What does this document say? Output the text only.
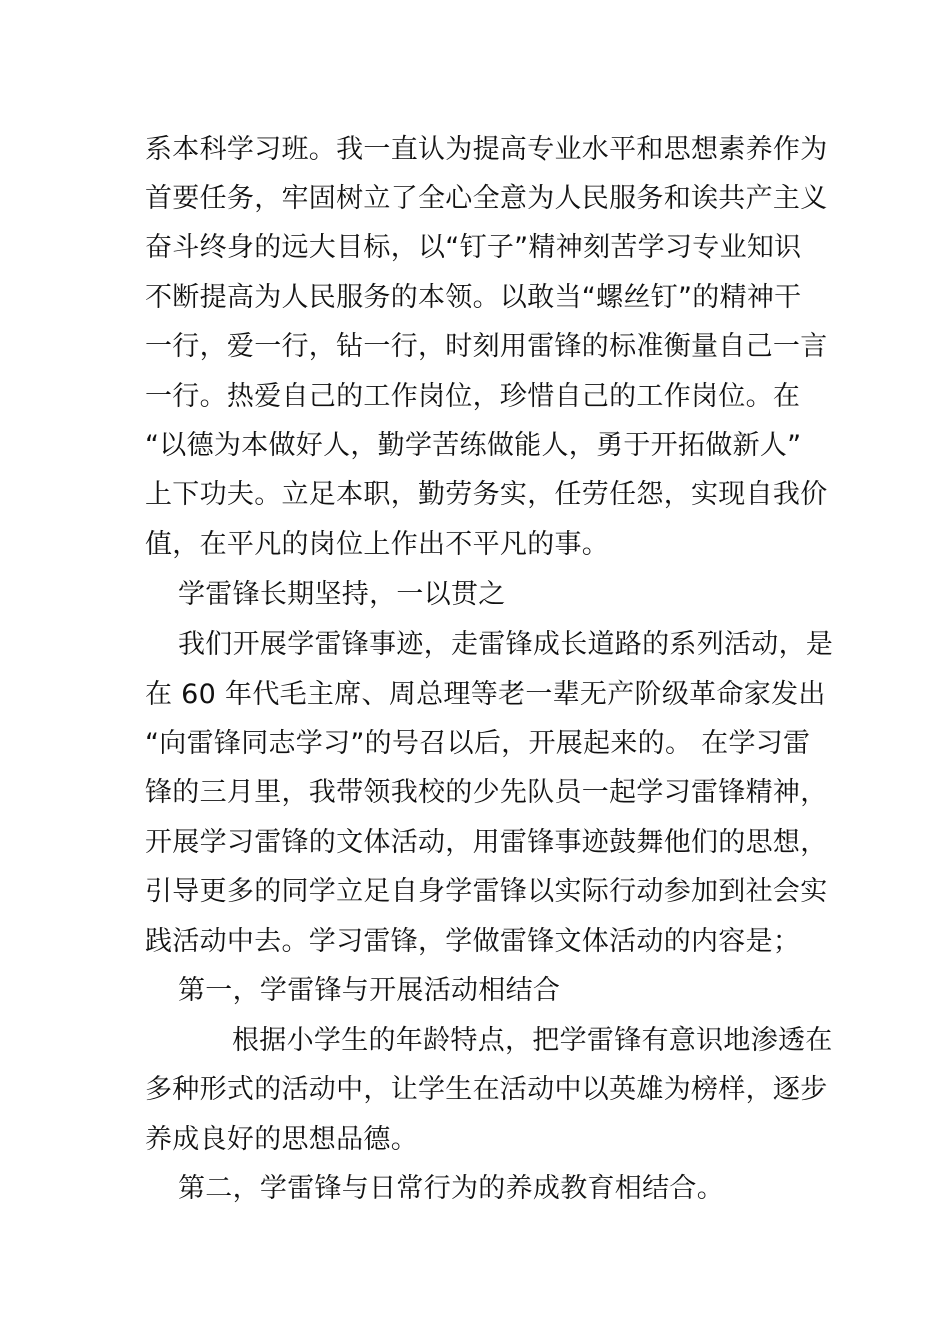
系本科学习班。我一直认为提高专业水平和思想素养作为
首要任务，牢固树立了全心全意为人民服务和诶共产主义
奋斗终身的远大目标，以“钉子”精神刻苦学习专业知识
不断提高为人民服务的本领。以敢当“螺丝钉”的精神干
一行，爱一行，钻一行，时刻用雷锋的标准衡量自己一言
一行。热爱自己的工作岗位，珍惜自己的工作岗位。在
“以德为本做好人，勤学苦练做能人，勇于开拓做新人”
上下功夫。立足本职，勤劳务实，任劳任怨，实现自我价
值，在平凡的岗位上作出不平凡的事。
学雷锋长期坚持，一以贯之
我们开展学雷锋事迹，走雷锋成长道路的系列活动，是
在 60 年代毛主席、周总理等老一辈无产阶级革命家发出
“向雷锋同志学习”的号召以后，开展起来的。 在学习雷
锋的三月里，我带领我校的少先队员一起学习雷锋精神，
开展学习雷锋的文体活动，用雷锋事迹鼓舞他们的思想，
引导更多的同学立足自身学雷锋以实际行动参加到社会实
践活动中去。学习雷锋，学做雷锋文体活动的内容是；
第一，学雷锋与开展活动相结合
根据小学生的年龄特点，把学雷锋有意识地渗透在
多种形式的活动中，让学生在活动中以英雄为榜样，逐步
养成良好的思想品德。
第二，学雷锋与日常行为的养成教育相结合。
